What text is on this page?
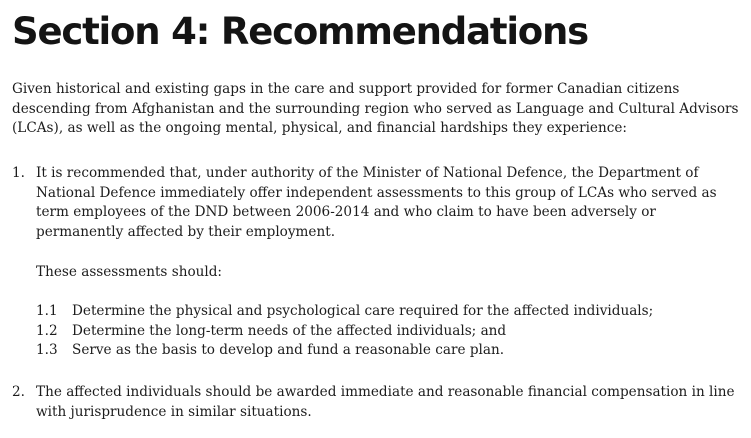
Section 4: Recommendations

Given historical and existing gaps in the care and support provided for former Canadian citizens descending from Afghanistan and the surrounding region who served as Language and Cultural Advisors (LCAs), as well as the ongoing mental, physical, and financial hardships they experience:

1. It is recommended that, under authority of the Minister of National Defence, the Department of National Defence immediately offer independent assessments to this group of LCAs who served as term employees of the DND between 2006-2014 and who claim to have been adversely or permanently affected by their employment.

These assessments should:

1.1 Determine the physical and psychological care required for the affected individuals;
1.2 Determine the long-term needs of the affected individuals; and
1.3 Serve as the basis to develop and fund a reasonable care plan.
2. The affected individuals should be awarded immediate and reasonable financial compensation in line with jurisprudence in similar situations.
